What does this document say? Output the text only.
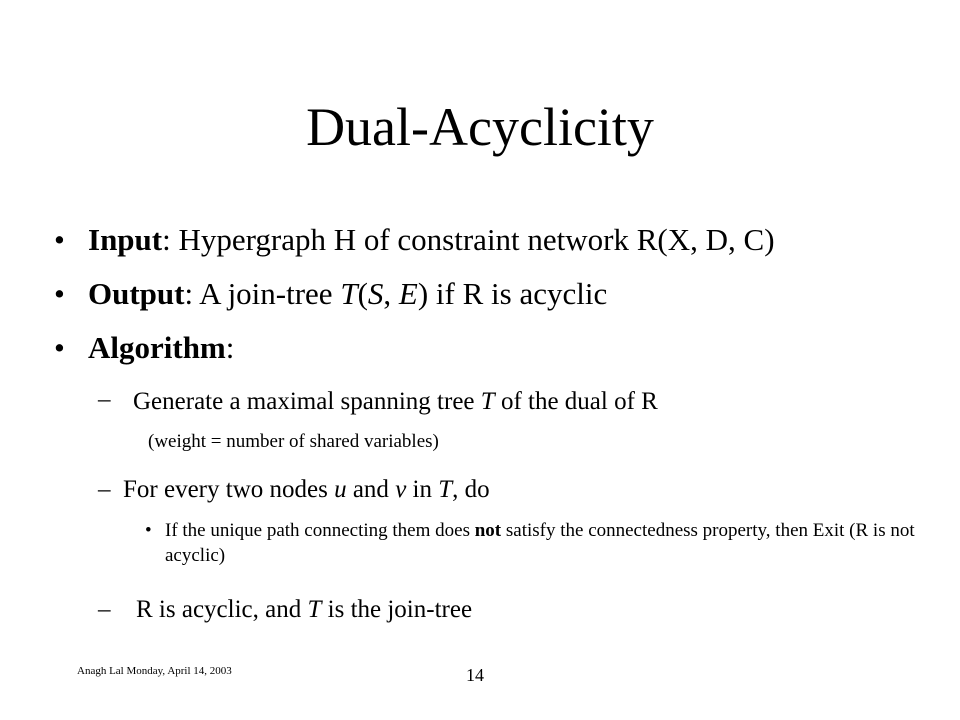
Dual-Acyclicity
• Input: Hypergraph H of constraint network R(X, D, C)
• Output: A join-tree T(S, E) if R is acyclic
• Algorithm:
– Generate a maximal spanning tree T of the dual of R
(weight = number of shared variables)
– For every two nodes u and v in T, do
• If the unique path connecting them does not satisfy the connectedness property, then Exit (R is not acyclic)
– R is acyclic, and T is the join-tree
Anagh Lal Monday, April 14, 2003	14
